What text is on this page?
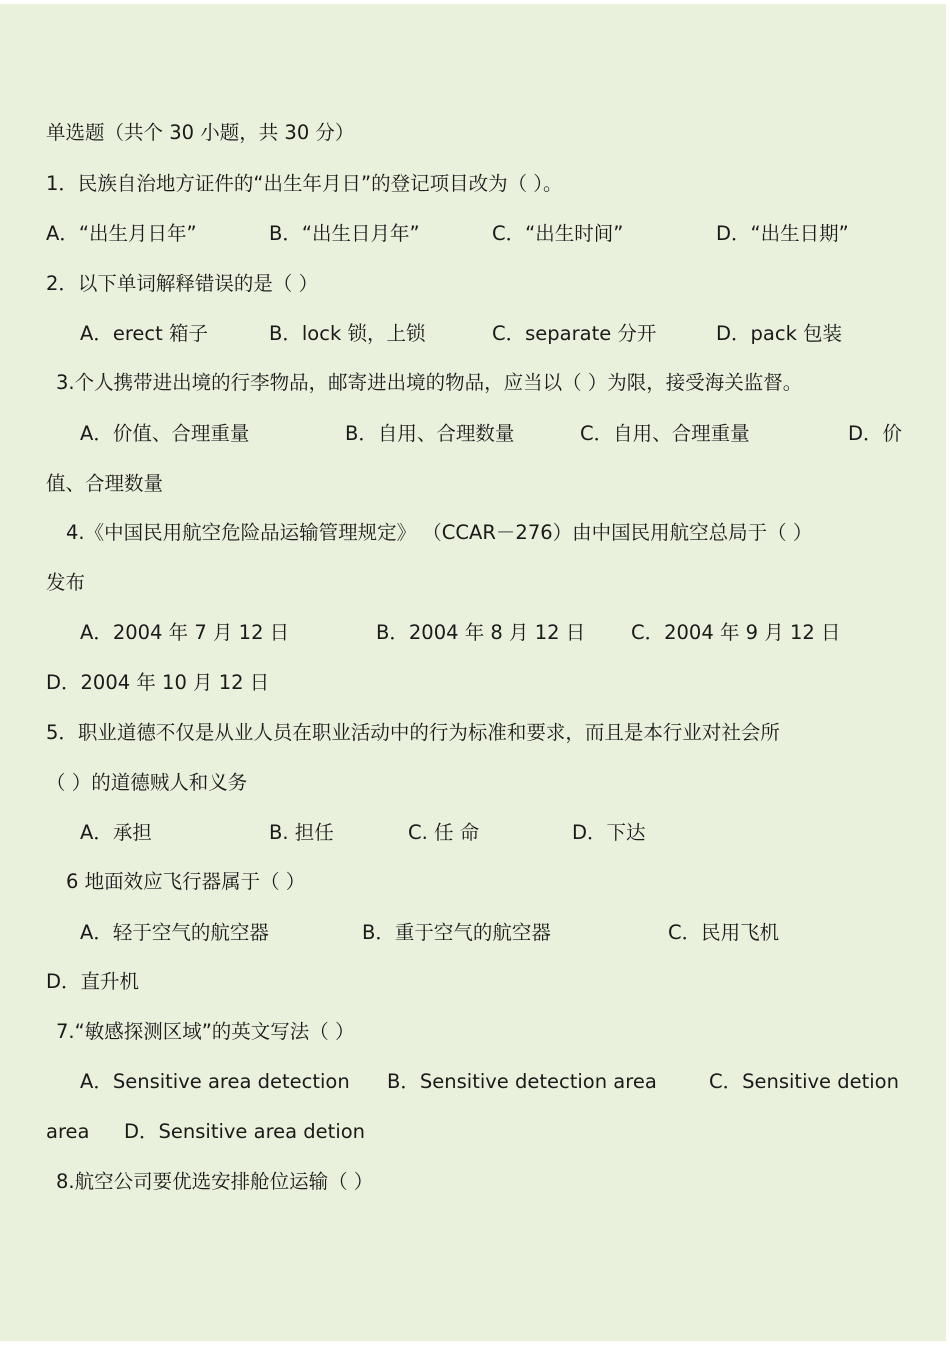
单选题（共个 30 小题，共 30 分）
1．民族自治地方证件的“出生年月日”的登记项目改为（ ）。
A．“出生月日年”	B．“出生日月年”	C．“出生时间”	D．“出生日期”
2．以下单词解释错误的是（ ）
A．erect 箱子	B．lock 锁，上锁	C．separate 分开	D．pack 包装
3.个人携带进出境的行李物品，邮寄进出境的物品，应当以（ ）为限，接受海关监督。
A．价值、合理重量	B．自用、合理数量	C．自用、合理重量	D．价
值、合理数量
4.《中国民用航空危险品运输管理规定》 （CCAR－276）由中国民用航空总局于（ ）
发布
A．2004 年 7 月 12 日	B．2004 年 8 月 12 日 C．2004 年 9 月 12 日
D．2004 年 10 月 12 日
5．职业道德不仅是从业人员在职业活动中的行为标准和要求，而且是本行业对社会所
（ ）的道德贼人和义务
A．承担	B. 担任	C. 任 命	D．下达
6 地面效应飞行器属于（ ）
A．轻于空气的航空器	B．重于空气的航空器	C．民用飞机
D．直升机
7.“敏感探测区域”的英文写法（ ）
A．Sensitive area detection B．Sensitive detection area	C．Sensitive detion
area D．Sensitive area detion
8.航空公司要优选安排舱位运输（ ）
